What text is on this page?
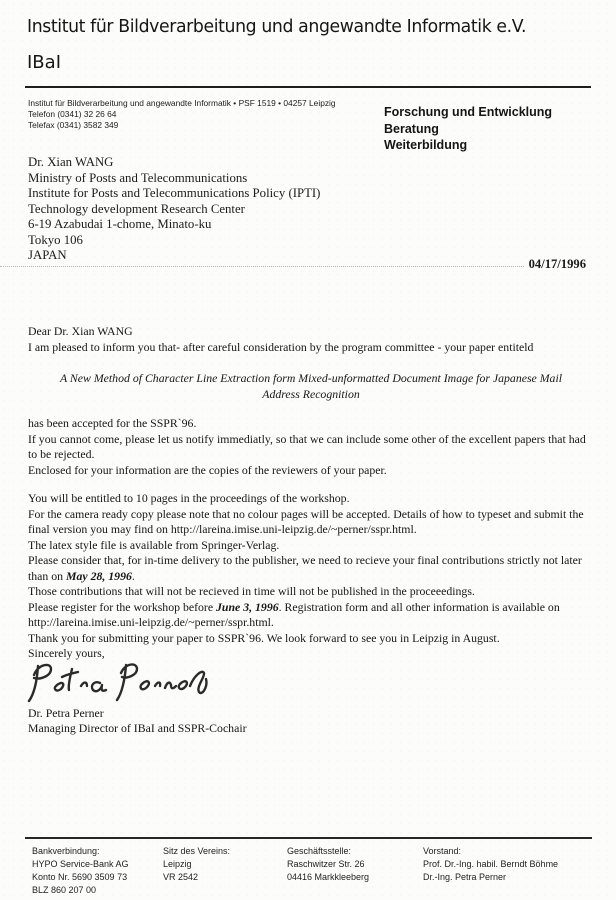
Institut für Bildverarbeitung und angewandte Informatik e.V.
IBaI
Institut für Bildverarbeitung und angewandte Informatik • PSF 1519 • 04257 Leipzig
Telefon (0341) 32 26 64
Telefax (0341) 3582 349
Forschung und Entwicklung
Beratung
Weiterbildung
Dr. Xian WANG
Ministry of Posts and Telecommunications
Institute for Posts and Telecommunications Policy (IPTI)
Technology development Research Center
6-19 Azabudai 1-chome, Minato-ku
Tokyo 106
JAPAN
04/17/1996

Dear Dr. Xian WANG

I am pleased to inform you that- after careful consideration by the program committee - your paper entiteld

A New Method of Character Line Extraction form Mixed-unformatted Document Image for Japanese Mail
Address Recognition

has been accepted for the SSPR`96.

If you cannot come, please let us notify immediatly, so that we can include some other of the excellent papers that had to be rejected.

Enclosed for your information are the copies of the reviewers of your paper.

You will be entitled to 10 pages in the proceedings of the workshop.

For the camera ready copy please note that no colour pages will be accepted. Details of how to typeset and submit the final version you may find on http://lareina.imise.uni-leipzig.de/~perner/sspr.html.

The latex style file is available from Springer-Verlag.

Please consider that, for in-time delivery to the publisher, we need to recieve your final contributions strictly not later than on May 28, 1996.

Those contributions that will not be recieved in time will not be published in the proceeedings.

Please register for the workshop before June 3, 1996. Registration form and all other information is available on http://lareina.imise.uni-leipzig.de/~perner/sspr.html.

Thank you for submitting your paper to SSPR`96. We look forward to see you in Leipzig in August.

Sincerely yours,

Dr. Petra Perner

Managing Director of IBaI and SSPR-Cochair

Bankverbindung:
HYPO Service-Bank AG
Konto Nr. 5690 3509 73
BLZ 860 207 00
Sitz des Vereins:
Leipzig
VR 2542
Geschäftsstelle:
Raschwitzer Str. 26
04416 Markkleeberg
Vorstand:
Prof. Dr.-Ing. habil. Berndt Böhme
Dr.-Ing. Petra Perner
